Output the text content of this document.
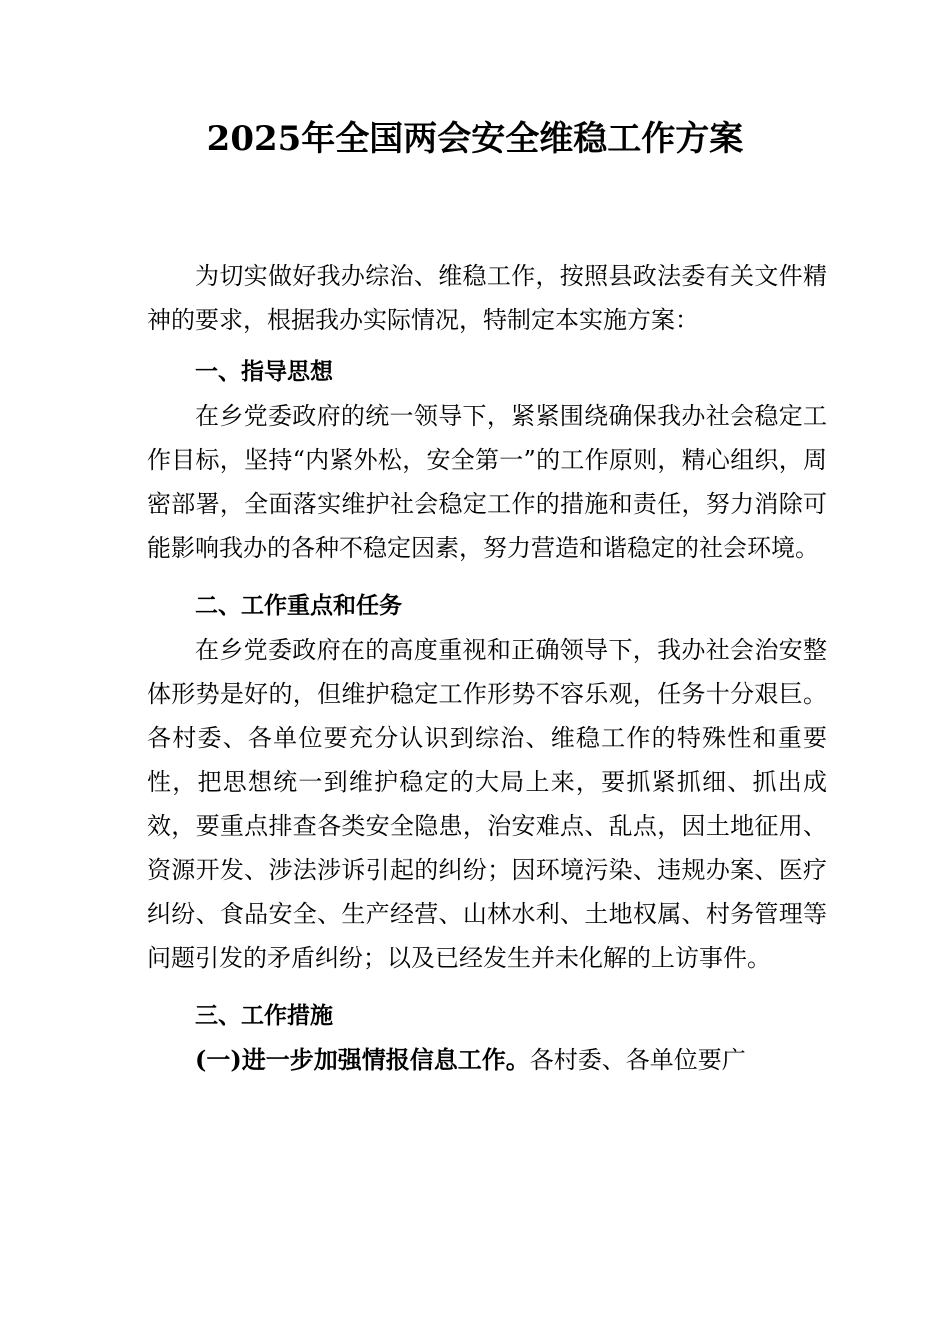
2025年全国两会安全维稳工作方案

为切实做好我办综治、维稳工作，按照县政法委有关文件精神的要求，根据我办实际情况，特制定本实施方案：

一、指导思想

在乡党委政府的统一领导下，紧紧围绕确保我办社会稳定工作目标，坚持“内紧外松，安全第一”的工作原则，精心组织，周密部署，全面落实维护社会稳定工作的措施和责任，努力消除可能影响我办的各种不稳定因素，努力营造和谐稳定的社会环境。

二、工作重点和任务

在乡党委政府在的高度重视和正确领导下，我办社会治安整体形势是好的，但维护稳定工作形势不容乐观，任务十分艰巨。各村委、各单位要充分认识到综治、维稳工作的特殊性和重要性，把思想统一到维护稳定的大局上来，要抓紧抓细、抓出成效，要重点排查各类安全隐患，治安难点、乱点，因土地征用、资源开发、涉法涉诉引起的纠纷；因环境污染、违规办案、医疗纠纷、食品安全、生产经营、山林水利、土地权属、村务管理等问题引发的矛盾纠纷；以及已经发生并未化解的上访事件。

三、工作措施

(一)进一步加强情报信息工作。各村委、各单位要广
